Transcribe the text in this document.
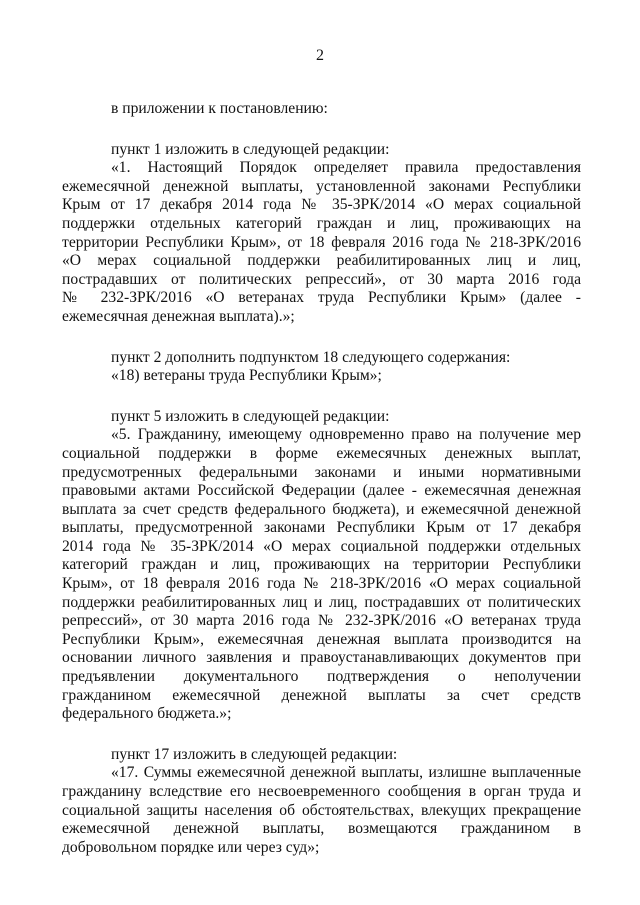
2
в приложении к постановлению:
пункт 1 изложить в следующей редакции:
«1. Настоящий Порядок определяет правила предоставления
ежемесячной денежной выплаты, установленной законами Республики
Крым от 17 декабря 2014 года № 35-ЗРК/2014 «О мерах социальной
поддержки отдельных категорий граждан и лиц, проживающих на
территории Республики Крым», от 18 февраля 2016 года № 218-ЗРК/2016
«О мерах социальной поддержки реабилитированных лиц и лиц,
пострадавших от политических репрессий», от 30 марта 2016 года
№ 232-ЗРК/2016 «О ветеранах труда Республики Крым» (далее -
ежемесячная денежная выплата).»;
пункт 2 дополнить подпунктом 18 следующего содержания:
«18) ветераны труда Республики Крым»;
пункт 5 изложить в следующей редакции:
«5. Гражданину, имеющему одновременно право на получение мер
социальной поддержки в форме ежемесячных денежных выплат,
предусмотренных федеральными законами и иными нормативными
правовыми актами Российской Федерации (далее - ежемесячная денежная
выплата за счет средств федерального бюджета), и ежемесячной денежной
выплаты, предусмотренной законами Республики Крым от 17 декабря
2014 года № 35-ЗРК/2014 «О мерах социальной поддержки отдельных
категорий граждан и лиц, проживающих на территории Республики
Крым», от 18 февраля 2016 года № 218-ЗРК/2016 «О мерах социальной
поддержки реабилитированных лиц и лиц, пострадавших от политических
репрессий», от 30 марта 2016 года № 232-ЗРК/2016 «О ветеранах труда
Республики Крым», ежемесячная денежная выплата производится на
основании личного заявления и правоустанавливающих документов при
предъявлении документального подтверждения о неполучении
гражданином ежемесячной денежной выплаты за счет средств
федерального бюджета.»;
пункт 17 изложить в следующей редакции:
«17. Суммы ежемесячной денежной выплаты, излишне выплаченные
гражданину вследствие его несвоевременного сообщения в орган труда и
социальной защиты населения об обстоятельствах, влекущих прекращение
ежемесячной денежной выплаты, возмещаются гражданином в
добровольном порядке или через суд»;
